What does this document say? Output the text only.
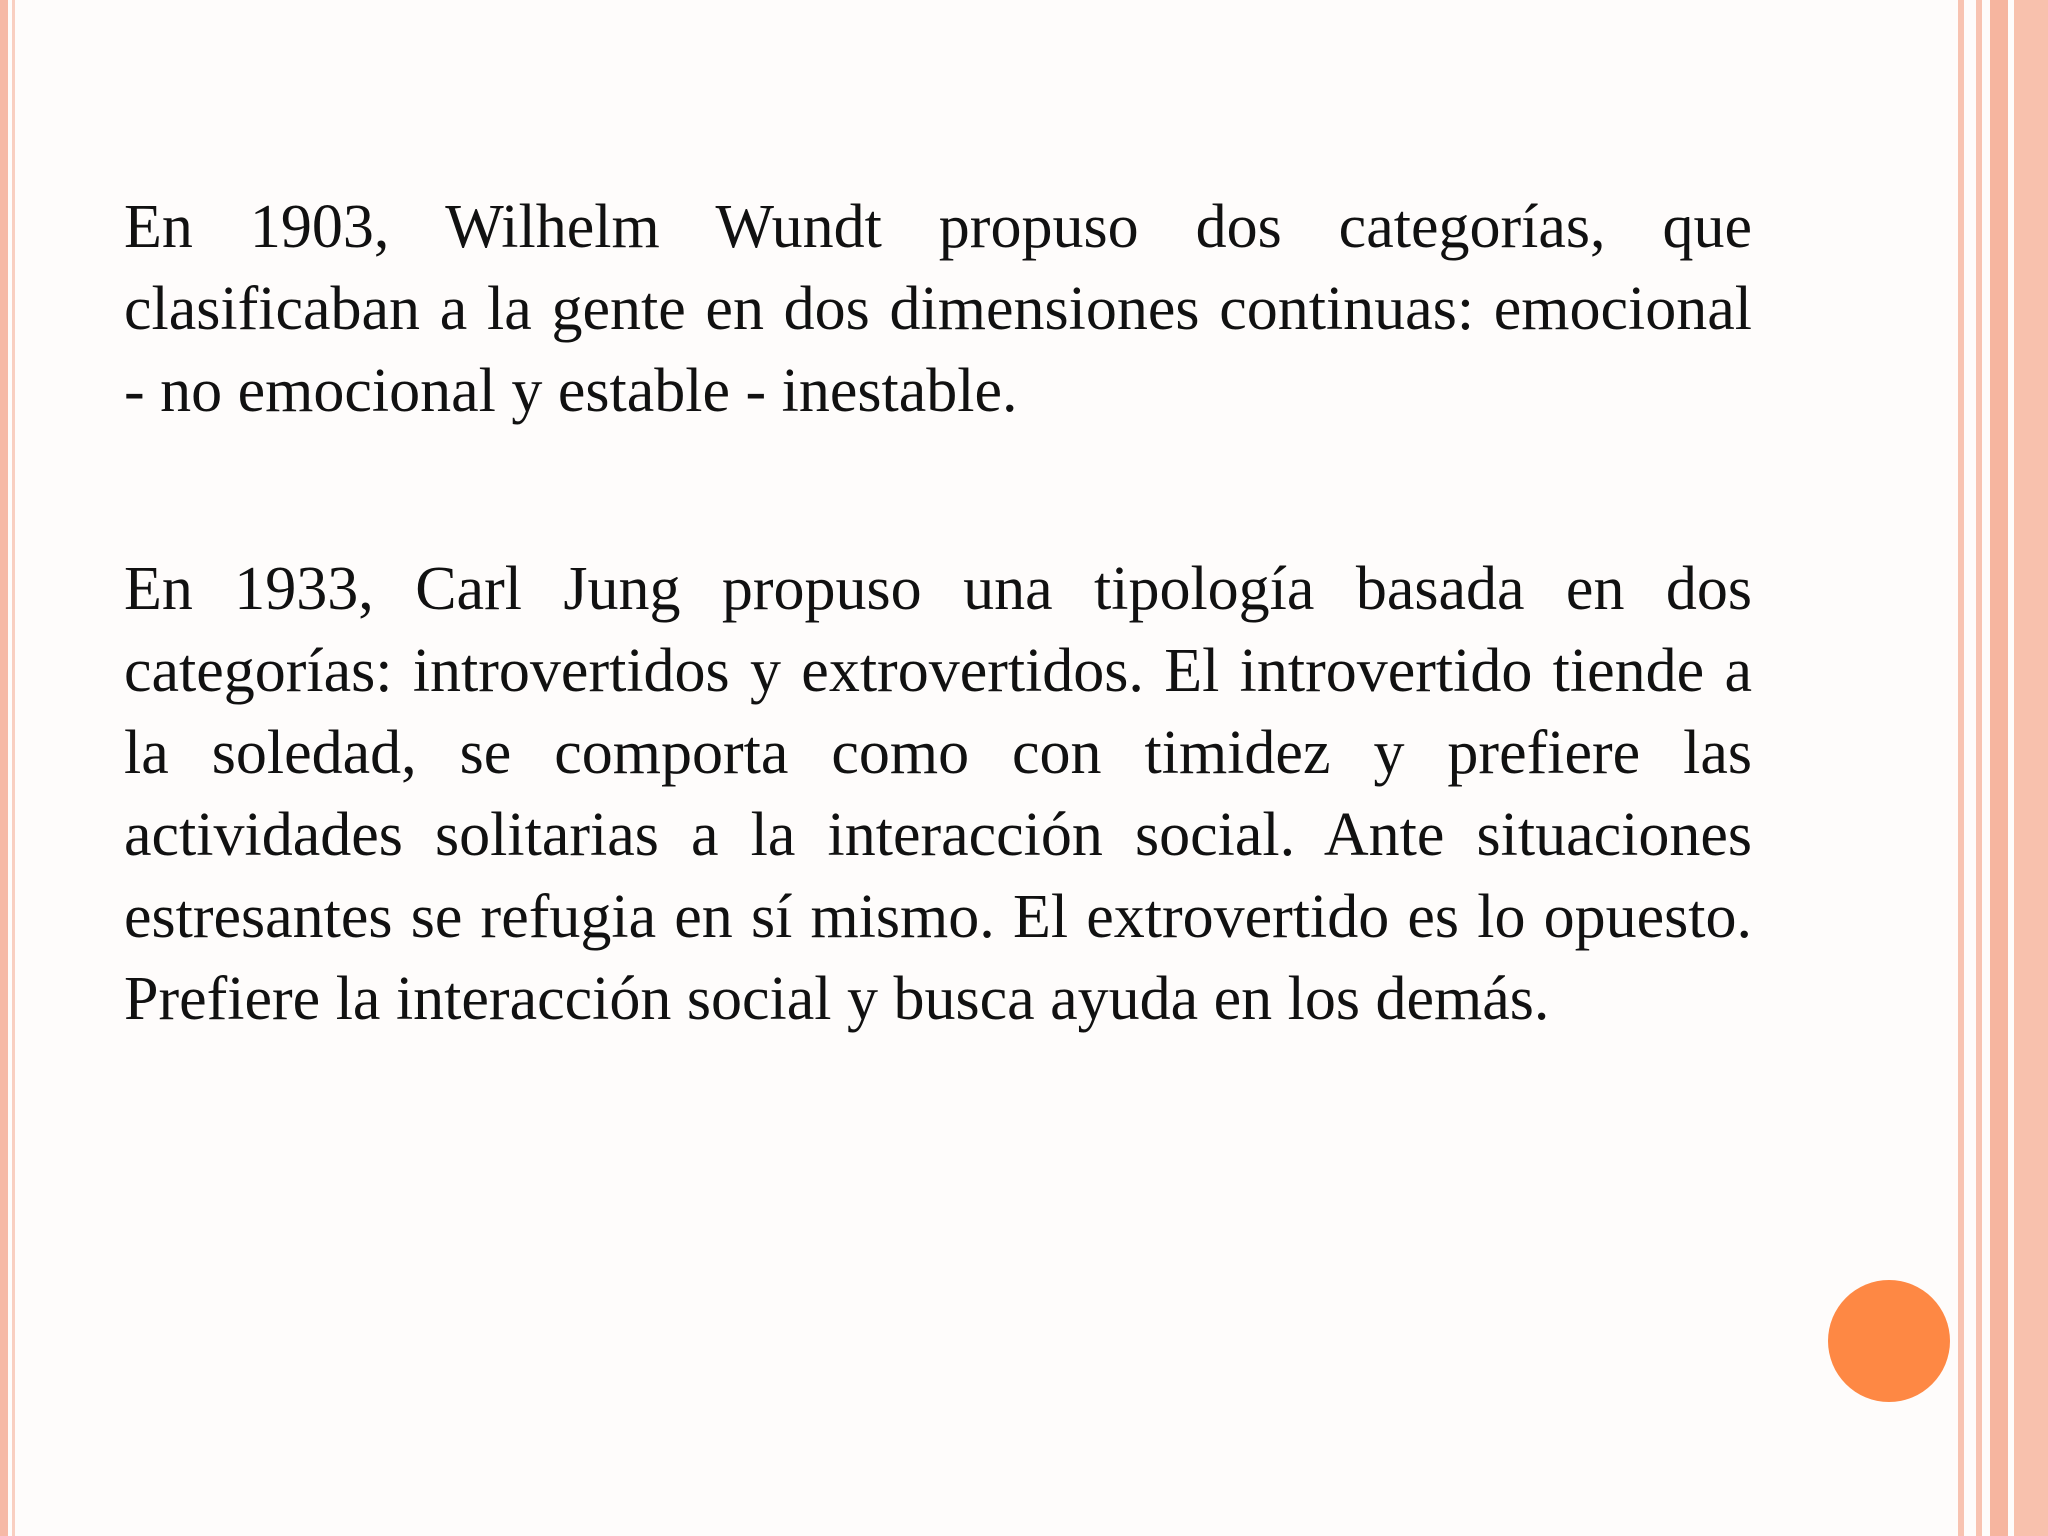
En 1903, Wilhelm Wundt propuso dos categorías, que clasificaban a la gente en dos dimensiones continuas: emocional - no emocional y estable - inestable.

En 1933, Carl Jung propuso una tipología basada en dos categorías: introvertidos y extrovertidos. El introvertido tiende a la soledad, se comporta como con timidez y prefiere las actividades solitarias a la interacción social. Ante situaciones estresantes se refugia en sí mismo. El extrovertido es lo opuesto. Prefiere la interacción social y busca ayuda en los demás.
